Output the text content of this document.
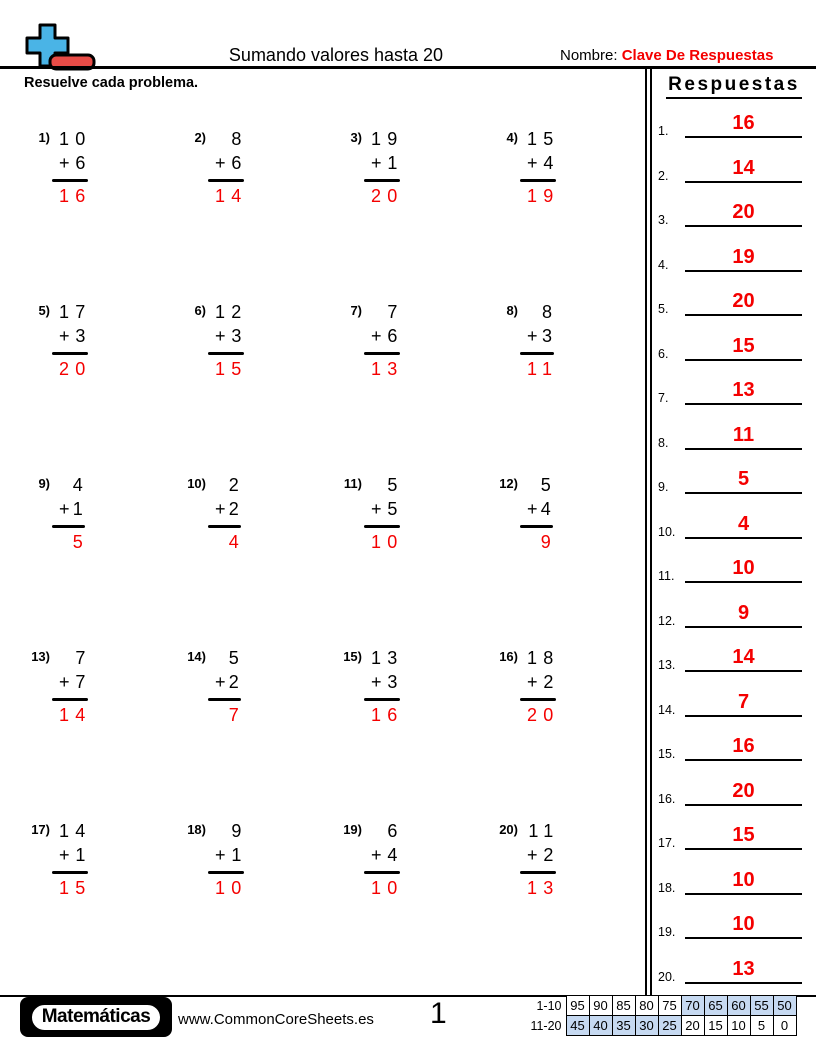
Sumando valores hasta 20	Nombre: Clave De Respuestas
Resuelve cada problema.
1) 10
+ 6
16
2)	8
+ 6
14
3) 19
+ 1
20
4) 15
+ 4
19
5) 17
+ 3
20
6) 12
+ 3
15
7)	7
+ 6
13
8)	8
+ 3
11
9)	4
+ 1
5
10)	2
+ 2
4
11)	5
+ 5
10
12)	5
+ 4
9
13)	7
+ 7
14
14)	5
+ 2
7
15) 13
+ 3
16
16) 18
+ 2
20
17) 14
+ 1
15
18)	9
+ 1
10
19)	6
+ 4
10
20) 11
+ 2
13
Respuestas
1.	16
2.	14
3.	20
4.	19
5.	20
6.	15
7.	13
8.	11
9.	5
10.	4
11.	10
12.	9
13.	14
14.	7
15.	16
16.	20
17.	15
18.	10
19.	10
20.	13
Matemáticas	www.CommonCoreSheets.es 1	1-10	95	90	85	80	75	70	65	60	55	50
11-20	45	40	35	30	25	20	15	10	5	0
